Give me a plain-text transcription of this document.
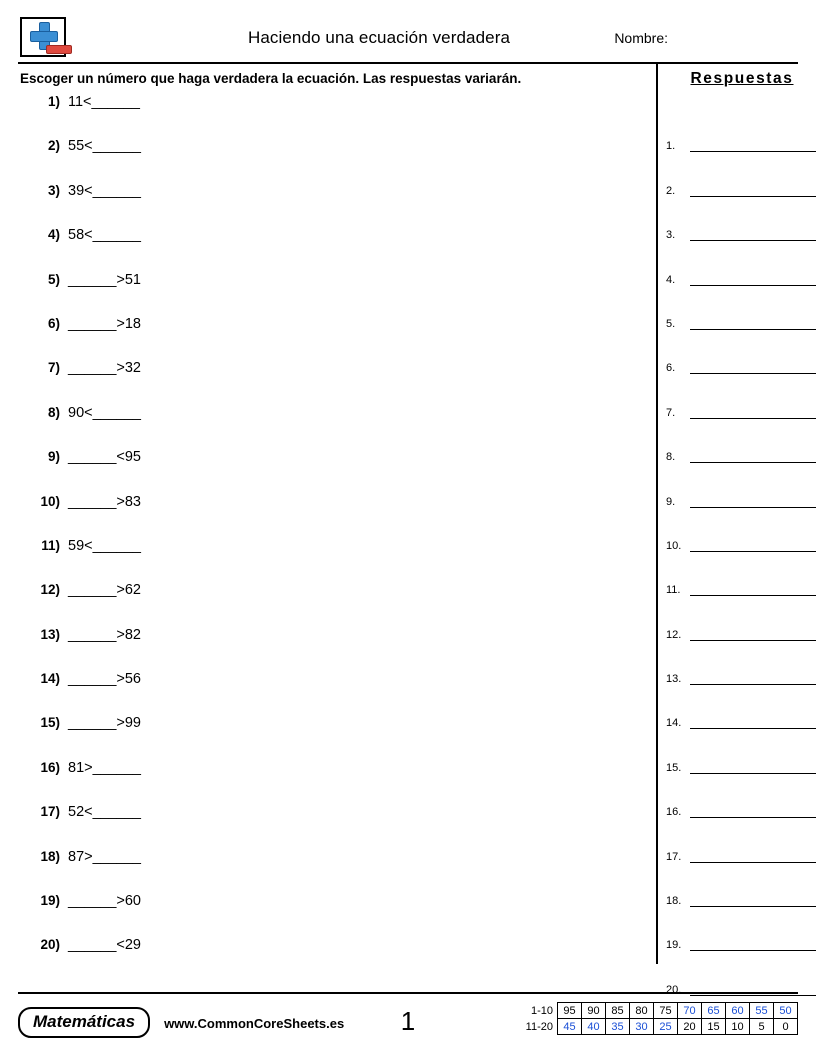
Haciendo una ecuación verdadera	Nombre:
Escoger un número que haga verdadera la ecuación. Las respuestas variarán.
1) 11<______
2) 55<______
3) 39<______
4) 58<______
5) ______>51
6) ______>18
7) ______>32
8) 90<______
9) ______<95
10) ______>83
11) 59<______
12) ______>62
13) ______>82
14) ______>56
15) ______>99
16) 81>______
17) 52<______
18) 87>______
19) ______>60
20) ______<29
Respuestas
1.
2.
3.
4.
5.
6.
7.
8.
9.
10.
11.
12.
13.
14.
15.
16.
17.
18.
19.
20.
Matemáticas	www.CommonCoreSheets.es 1	1-10	95	90	85	80	75	70	65	60	55	50
11-20	45	40	35	30	25	20	15	10	5	0
